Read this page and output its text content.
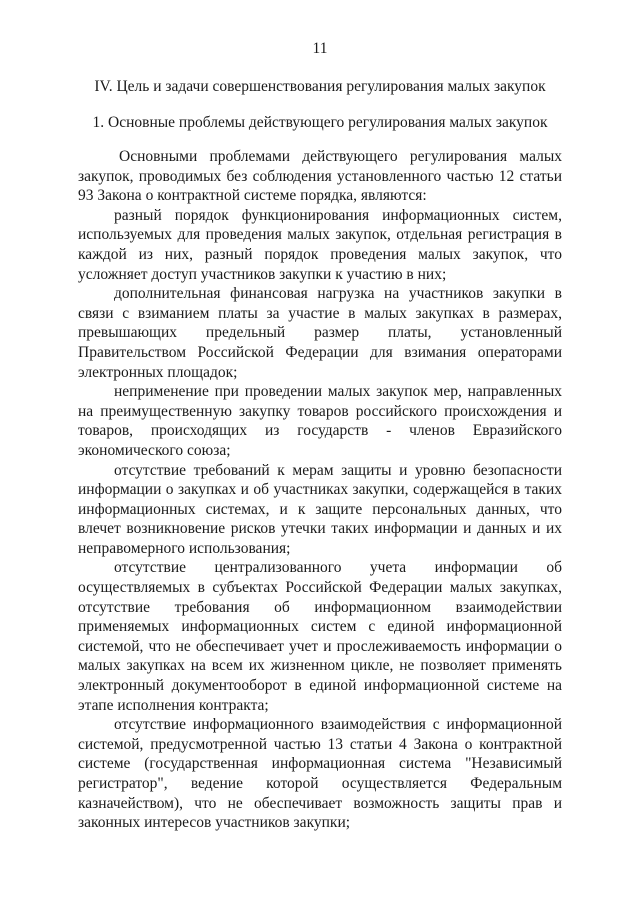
11
IV. Цель и задачи совершенствования регулирования малых закупок
1. Основные проблемы действующего регулирования малых закупок

Основными проблемами действующего регулирования малых закупок, проводимых без соблюдения установленного частью 12 статьи 93 Закона о контрактной системе порядка, являются:

разный порядок функционирования информационных систем, используемых для проведения малых закупок, отдельная регистрация в каждой из них, разный порядок проведения малых закупок, что усложняет доступ участников закупки к участию в них;

дополнительная финансовая нагрузка на участников закупки в связи с взиманием платы за участие в малых закупках в размерах, превышающих предельный размер платы, установленный Правительством Российской Федерации для взимания операторами электронных площадок;

неприменение при проведении малых закупок мер, направленных на преимущественную закупку товаров российского происхождения и товаров, происходящих из государств - членов Евразийского экономического союза;

отсутствие требований к мерам защиты и уровню безопасности информации о закупках и об участниках закупки, содержащейся в таких информационных системах, и к защите персональных данных, что влечет возникновение рисков утечки таких информации и данных и их неправомерного использования;

отсутствие централизованного учета информации об осуществляемых в субъектах Российской Федерации малых закупках, отсутствие требования об информационном взаимодействии применяемых информационных систем с единой информационной системой, что не обеспечивает учет и прослеживаемость информации о малых закупках на всем их жизненном цикле, не позволяет применять электронный документооборот в единой информационной системе на этапе исполнения контракта;

отсутствие информационного взаимодействия с информационной системой, предусмотренной частью 13 статьи 4 Закона о контрактной системе (государственная информационная система "Независимый регистратор", ведение которой осуществляется Федеральным казначейством), что не обеспечивает возможность защиты прав и законных интересов участников закупки;
